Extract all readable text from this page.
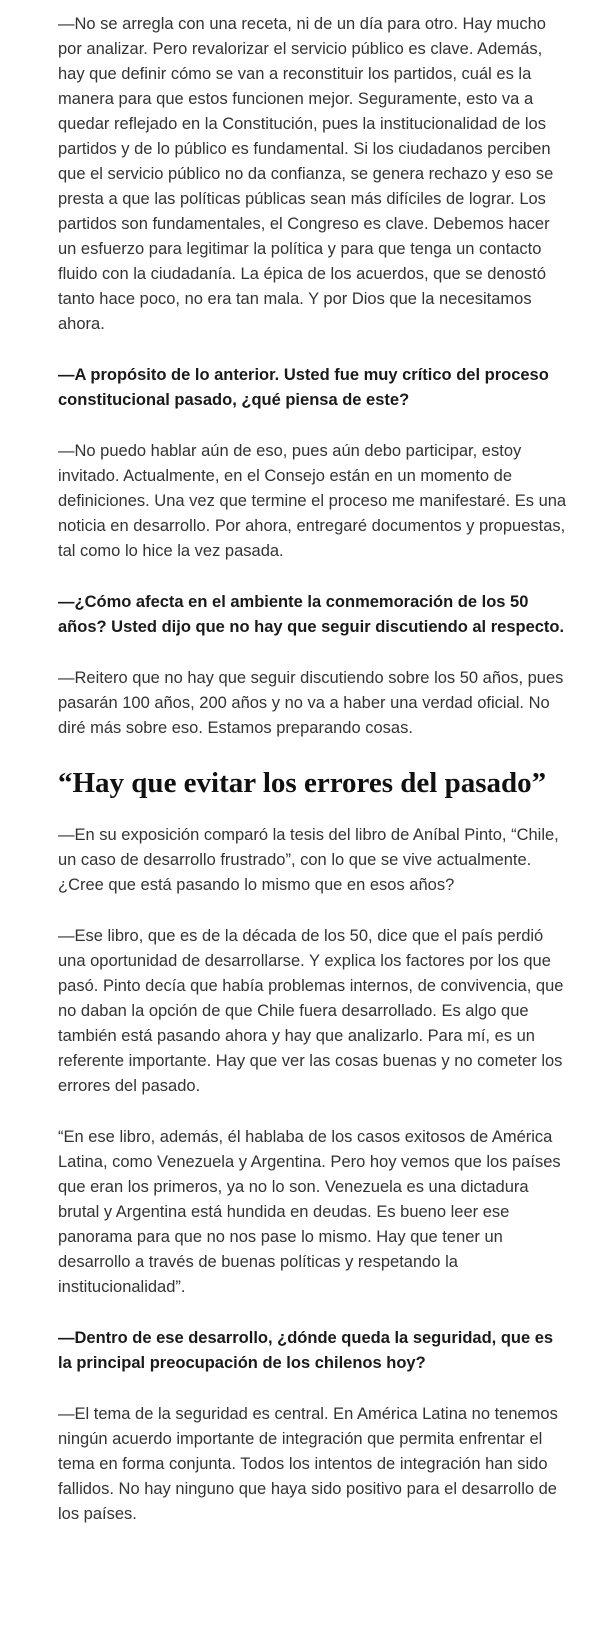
—No se arregla con una receta, ni de un día para otro. Hay mucho por analizar. Pero revalorizar el servicio público es clave. Además, hay que definir cómo se van a reconstituir los partidos, cuál es la manera para que estos funcionen mejor. Seguramente, esto va a quedar reflejado en la Constitución, pues la institucionalidad de los partidos y de lo público es fundamental. Si los ciudadanos perciben que el servicio público no da confianza, se genera rechazo y eso se presta a que las políticas públicas sean más difíciles de lograr. Los partidos son fundamentales, el Congreso es clave. Debemos hacer un esfuerzo para legitimar la política y para que tenga un contacto fluido con la ciudadanía. La épica de los acuerdos, que se denostó tanto hace poco, no era tan mala. Y por Dios que la necesitamos ahora.

—A propósito de lo anterior. Usted fue muy crítico del proceso constitucional pasado, ¿qué piensa de este?

—No puedo hablar aún de eso, pues aún debo participar, estoy invitado. Actualmente, en el Consejo están en un momento de definiciones. Una vez que termine el proceso me manifestaré. Es una noticia en desarrollo. Por ahora, entregaré documentos y propuestas, tal como lo hice la vez pasada.

—¿Cómo afecta en el ambiente la conmemoración de los 50 años? Usted dijo que no hay que seguir discutiendo al respecto.

—Reitero que no hay que seguir discutiendo sobre los 50 años, pues pasarán 100 años, 200 años y no va a haber una verdad oficial. No diré más sobre eso. Estamos preparando cosas.

“Hay que evitar los errores del pasado”

—En su exposición comparó la tesis del libro de Aníbal Pinto, “Chile, un caso de desarrollo frustrado”, con lo que se vive actualmente. ¿Cree que está pasando lo mismo que en esos años?

—Ese libro, que es de la década de los 50, dice que el país perdió una oportunidad de desarrollarse. Y explica los factores por los que pasó. Pinto decía que había problemas internos, de convivencia, que no daban la opción de que Chile fuera desarrollado. Es algo que también está pasando ahora y hay que analizarlo. Para mí, es un referente importante. Hay que ver las cosas buenas y no cometer los errores del pasado.

“En ese libro, además, él hablaba de los casos exitosos de América Latina, como Venezuela y Argentina. Pero hoy vemos que los países que eran los primeros, ya no lo son. Venezuela es una dictadura brutal y Argentina está hundida en deudas. Es bueno leer ese panorama para que no nos pase lo mismo. Hay que tener un desarrollo a través de buenas políticas y respetando la institucionalidad”.

—Dentro de ese desarrollo, ¿dónde queda la seguridad, que es la principal preocupación de los chilenos hoy?

—El tema de la seguridad es central. En América Latina no tenemos ningún acuerdo importante de integración que permita enfrentar el tema en forma conjunta. Todos los intentos de integración han sido fallidos. No hay ninguno que haya sido positivo para el desarrollo de los países.
